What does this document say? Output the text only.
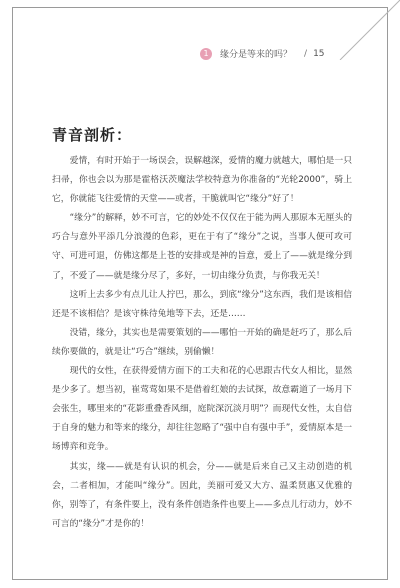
1	缘分是等来的吗？ / 15
青音剖析：

爱情，有时开始于一场误会，误解越深，爱情的魔力就越大，哪怕是一只扫帚，你也会以为那是霍格沃茨魔法学校特意为你准备的“光轮2000”，骑上它，你就能飞往爱情的天堂——或者，干脆就叫它“缘分”好了！

“缘分”的解释，妙不可言，它的妙处不仅仅在于能为两人那原本无厘头的巧合与意外平添几分浪漫的色彩，更在于有了“缘分”之说，当事人便可攻可守、可进可退，仿佛这都是上苍的安排或是神的旨意，爱上了——就是缘分到了，不爱了——就是缘分尽了，多好，一切由缘分负责，与你我无关！

这听上去多少有点儿让人拧巴，那么，到底“缘分”这东西，我们是该相信还是不该相信？是该守株待兔地等下去，还是……

没错，缘分，其实也是需要策划的——哪怕一开始的确是赶巧了，那么后续你要做的，就是让“巧合”继续，别偷懒！

现代的女性，在获得爱情方面下的工夫和花的心思跟古代女人相比，显然是少多了。想当初，崔莺莺如果不是借着红娘的去试探，故意霸道了一场月下会张生，哪里来的“花影重叠香风细，庭院深沉淡月明”？而现代女性，太自信于自身的魅力和等来的缘分，却往往忽略了“强中自有强中手”，爱情原本是一场博弈和竞争。

其实，缘——就是有认识的机会，分——就是后来自己又主动创造的机会，二者相加，才能叫“缘分”。因此，美丽可爱又大方、温柔贤惠又优雅的你，别等了，有条件要上，没有条件创造条件也要上——多点儿行动力，妙不可言的“缘分”才是你的！
